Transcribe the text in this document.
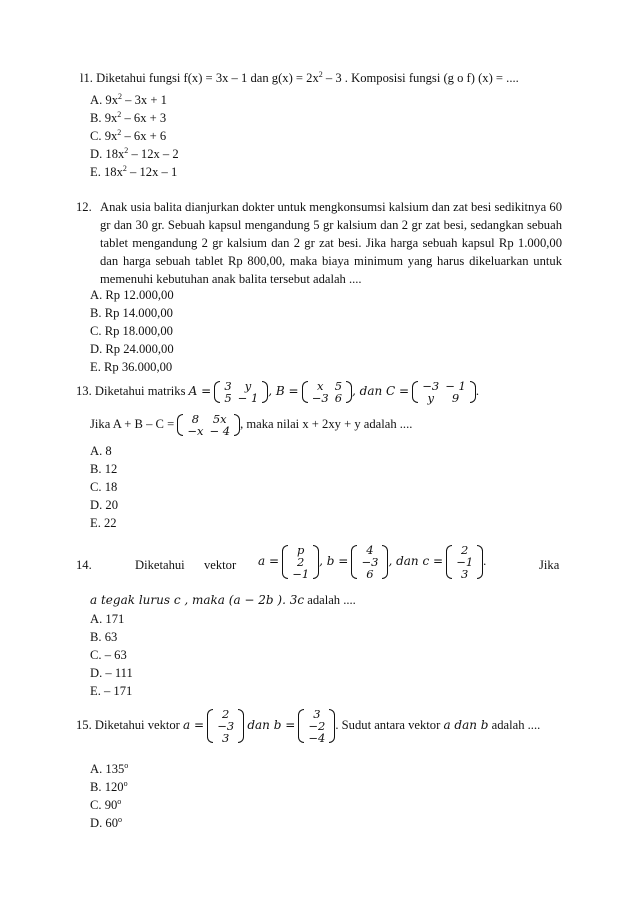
l1. Diketahui fungsi f(x) = 3x – 1 dan $g(x) = 2x^2 - 3$ . Komposisi fungsi (g o f) (x) = ....
A. $9x^2 - 3x + 1$
B. $9x^2 - 6x + 3$
C. $9x^2 - 6x + 6$
D. $18x^2 - 12x - 2$
E. $18x^2 - 12x - 1$
12. Anak usia balita dianjurkan dokter untuk mengkonsumsi kalsium dan zat besi sedikitnya 60 gr dan 30 gr. Sebuah kapsul mengandung 5 gr kalsium dan 2 gr zat besi, sedangkan sebuah tablet mengandung 2 gr kalsium dan 2 gr zat besi. Jika harga sebuah kapsul Rp 1.000,00 dan harga sebuah tablet Rp 800,00, maka biaya minimum yang harus dikeluarkan untuk memenuhi kebutuhan anak balita tersebut adalah ....
A. Rp 12.000,00
B. Rp 14.000,00
C. Rp 18.000,00
D. Rp 24.000,00
E. Rp 36.000,00
13. Diketahui matriks A = 3	y
5	− 1
, B = x	5
−3	6
, dan C = −3	− 1
y	9
.
Jika A + B – C = 8	5x
−x	− 4
, maka nilai x + 2xy + y adalah ....
A. 8
B. 12
C. 18
D. 20
E. 22
14.	Diketahui vektor a =
p
2
−1
, b =
4
−3
6
, dan c =
2
−1
3
.	Jika
a tegak lurus c , maka (a − 2b ). 3c adalah ....
A. 171
B. 63
C. – 63
D. – 111
E. – 171
15. Diketahui vektor a =
2
−3
3
dan b =
3
−2
−4
. Sudut antara vektor a dan b adalah ....
A. 135$^o$
B. 120$^o$
C. 90$^o$
D. 60$^o$
